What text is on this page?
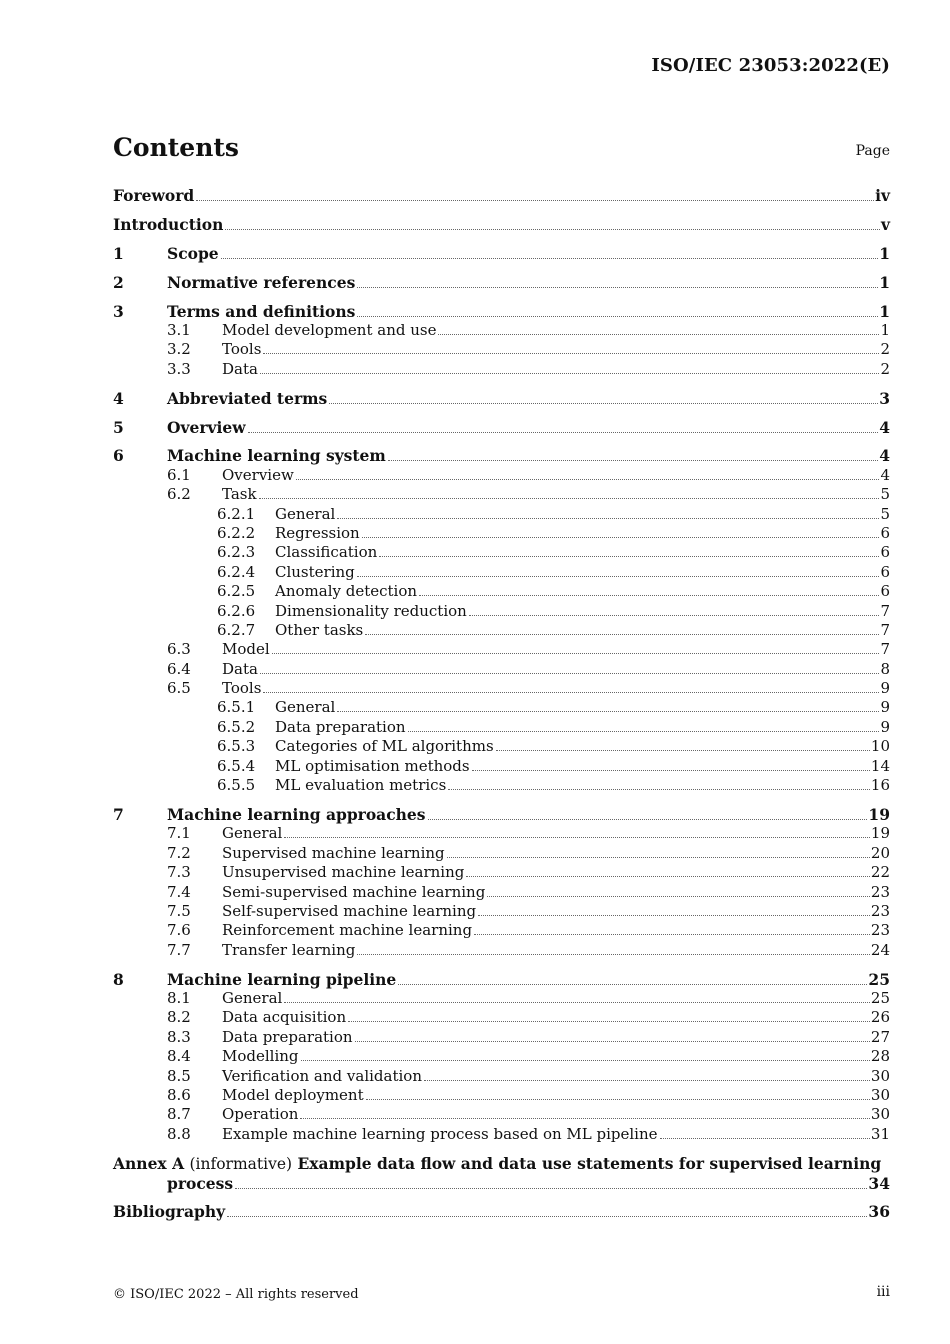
ISO/IEC 23053:2022(E)
Contents	Page
Foreword	iv
Introduction	v
1	Scope	1
2	Normative references	1
3	Terms and definitions	1
3.1	Model development and use	1
3.2	Tools	2
3.3	Data	2
4	Abbreviated terms	3
5	Overview	4
6	Machine learning system	4
6.1	Overview	4
6.2	Task	5
6.2.1	General	5
6.2.2	Regression	6
6.2.3	Classification	6
6.2.4	Clustering	6
6.2.5	Anomaly detection	6
6.2.6	Dimensionality reduction	7
6.2.7	Other tasks	7
6.3	Model	7
6.4	Data	8
6.5	Tools	9
6.5.1	General	9
6.5.2	Data preparation	9
6.5.3	Categories of ML algorithms	10
6.5.4	ML optimisation methods	14
6.5.5	ML evaluation metrics	16
7	Machine learning approaches	19
7.1	General	19
7.2	Supervised machine learning	20
7.3	Unsupervised machine learning	22
7.4	Semi-supervised machine learning	23
7.5	Self-supervised machine learning	23
7.6	Reinforcement machine learning	23
7.7	Transfer learning	24
8	Machine learning pipeline	25
8.1	General	25
8.2	Data acquisition	26
8.3	Data preparation	27
8.4	Modelling	28
8.5	Verification and validation	30
8.6	Model deployment	30
8.7	Operation	30
8.8	Example machine learning process based on ML pipeline	31
Annex A (informative) Example data flow and data use statements for supervised learning
process	34
Bibliography	36
© ISO/IEC 2022 – All rights reserved	iii
